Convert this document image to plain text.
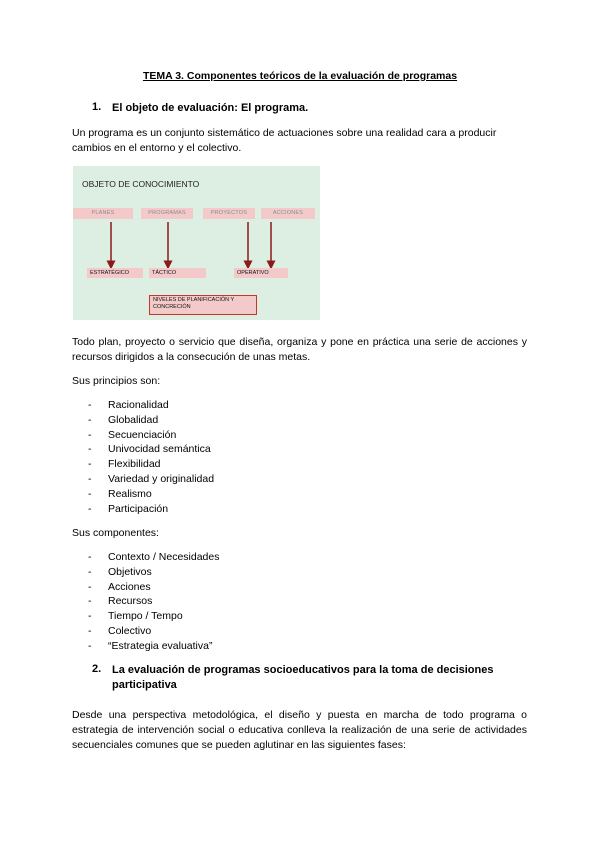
TEMA 3. Componentes teóricos de la evaluación de programas
1. El objeto de evaluación: El programa.
Un programa es un conjunto sistemático de actuaciones sobre una realidad cara a producir cambios en el entorno y el colectivo.
OBJETO DE CONOCIMIENTO
PLANES	PROGRAMAS	PROYECTOS	ACCIONES
ESTRATÉGICO	TÁCTICO	OPERATIVO
NIVELES DE PLANIFICACIÓN Y
CONCRECIÓN
Todo plan, proyecto o servicio que diseña, organiza y pone en práctica una serie de acciones y recursos dirigidos a la consecución de unas metas.
Sus principios son:
- Racionalidad
- Globalidad
- Secuenciación
- Univocidad semántica
- Flexibilidad
- Variedad y originalidad
- Realismo
- Participación
Sus componentes:
- Contexto / Necesidades
- Objetivos
- Acciones
- Recursos
- Tiempo / Tempo
- Colectivo
- “Estrategia evaluativa”
2. La evaluación de programas socioeducativos para la toma de decisiones
participativa
Desde una perspectiva metodológica, el diseño y puesta en marcha de todo programa o estrategia de intervención social o educativa conlleva la realización de una serie de actividades secuenciales comunes que se pueden aglutinar en las siguientes fases:
